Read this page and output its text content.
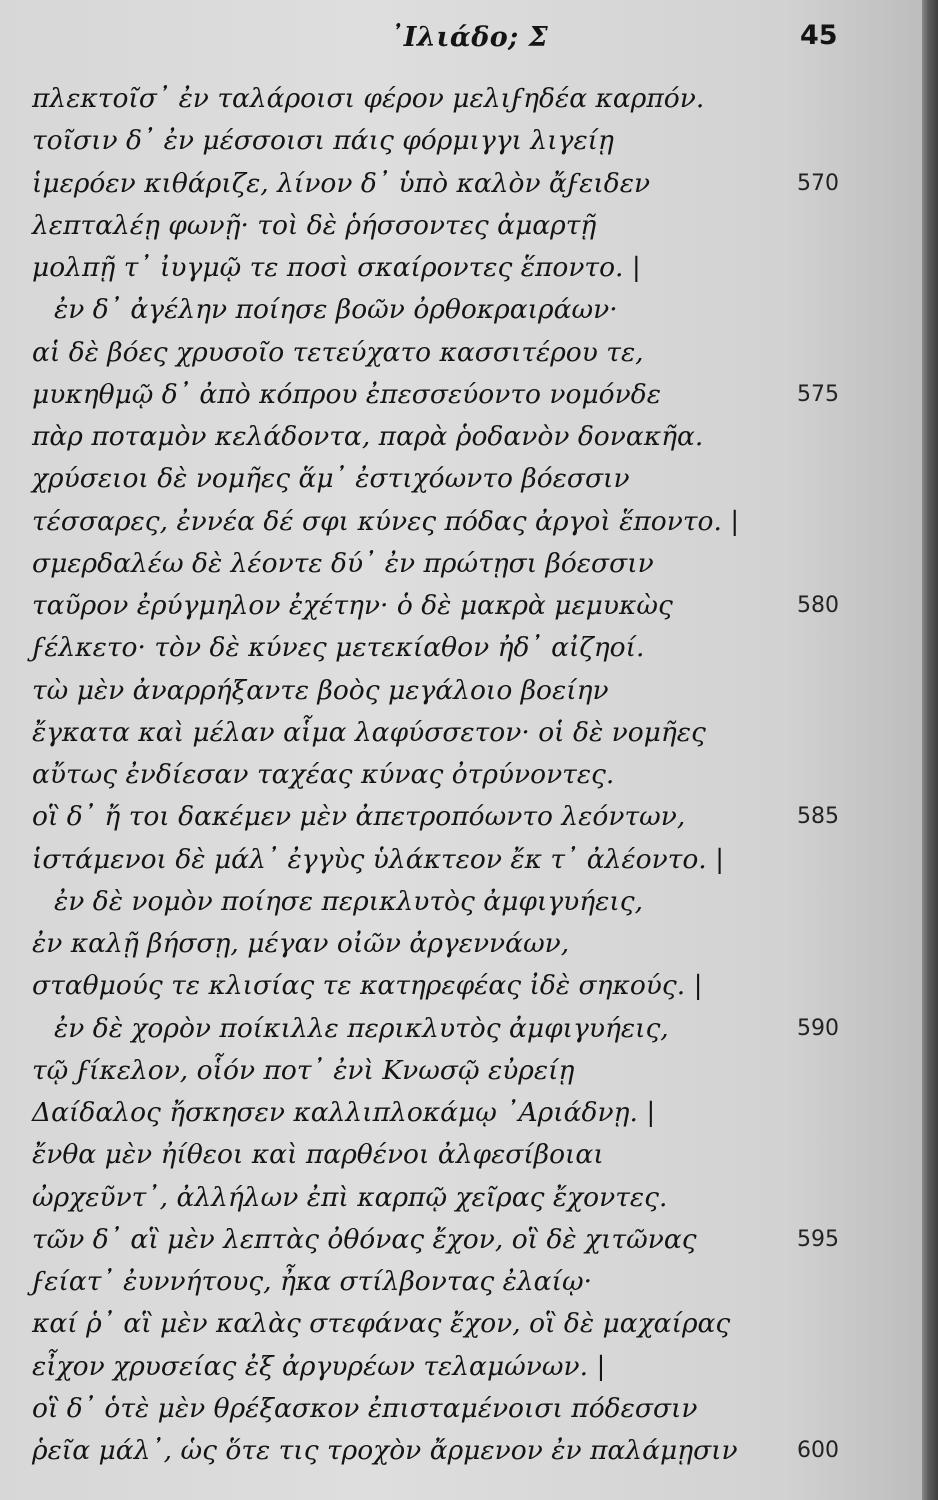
᾿Ιλιάδο; Σ	45
πλεκτοῖσ᾿ ἐν ταλάροισι φέρον μελιϝηδέα καρπόν.
τοῖσιν δ᾿ ἐν μέσσοισι πάις φόρμιγγι λιγείῃ
ἱμερόεν κιθάριζε, λίνον δ᾿ ὑπὸ καλὸν ἄϝειδεν	570
λεπταλέῃ φωνῇ· τοὶ δὲ ῥήσσοντες ἁμαρτῇ
μολπῇ τ᾿ ἰυγμῷ τε ποσὶ σκαίροντες ἕποντο. |
ἐν δ᾿ ἀγέλην ποίησε βοῶν ὀρθοκραιράων·
αἱ δὲ βόες χρυσοῖο τετεύχατο κασσιτέρου τε,
μυκηθμῷ δ᾿ ἀπὸ κόπρου ἐπεσσεύοντο νομόνδε	575
πὰρ ποταμὸν κελάδοντα, παρὰ ῥοδανὸν δονακῆα.
χρύσειοι δὲ νομῆες ἅμ᾿ ἐστιχόωντο βόεσσιν
τέσσαρες, ἐννέα δέ σφι κύνες πόδας ἀργοὶ ἕποντο. |
σμερδαλέω δὲ λέοντε δύ᾿ ἐν πρώτῃσι βόεσσιν
ταῦρον ἐρύγμηλον ἐχέτην· ὁ δὲ μακρὰ μεμυκὼς	580
ϝέλκετο· τὸν δὲ κύνες μετεκίαθον ἠδ᾿ αἰζηοί.
τὼ μὲν ἀναρρήξαντε βοὸς μεγάλοιο βοείην
ἔγκατα καὶ μέλαν αἷμα λαφύσσετον· οἱ δὲ νομῆες
αὔτως ἐνδίεσαν ταχέας κύνας ὀτρύνοντες.
οἳ δ᾿ ἤ τοι δακέμεν μὲν ἀπετροπόωντο λεόντων,	585
ἱστάμενοι δὲ μάλ᾿ ἐγγὺς ὑλάκτεον ἔκ τ᾿ ἀλέοντο. |
ἐν δὲ νομὸν ποίησε περικλυτὸς ἀμφιγυήεις,
ἐν καλῇ βήσσῃ, μέγαν οἰῶν ἀργεννάων,
σταθμούς τε κλισίας τε κατηρεφέας ἰδὲ σηκούς. |
ἐν δὲ χορὸν ποίκιλλε περικλυτὸς ἀμφιγυήεις,	590
τῷ ϝίκελον, οἷόν ποτ᾿ ἐνὶ Κνωσῷ εὐρείῃ
Δαίδαλος ἤσκησεν καλλιπλοκάμῳ ᾿Αριάδνῃ. |
ἔνθα μὲν ἠίθεοι καὶ παρθένοι ἀλφεσίβοιαι
ὠρχεῦντ᾿, ἀλλήλων ἐπὶ καρπῷ χεῖρας ἔχοντες.
τῶν δ᾿ αἳ μὲν λεπτὰς ὀθόνας ἔχον, οἳ δὲ χιτῶνας	595
ϝείατ᾿ ἐυννήτους, ἦκα στίλβοντας ἐλαίῳ·
καί ῥ᾿ αἳ μὲν καλὰς στεφάνας ἔχον, οἳ δὲ μαχαίρας
εἶχον χρυσείας ἐξ ἀργυρέων τελαμώνων. |
οἳ δ᾿ ὁτὲ μὲν θρέξασκον ἐπισταμένοισι πόδεσσιν
ῥεῖα μάλ᾿, ὡς ὅτε τις τροχὸν ἄρμενον ἐν παλάμῃσιν	600
